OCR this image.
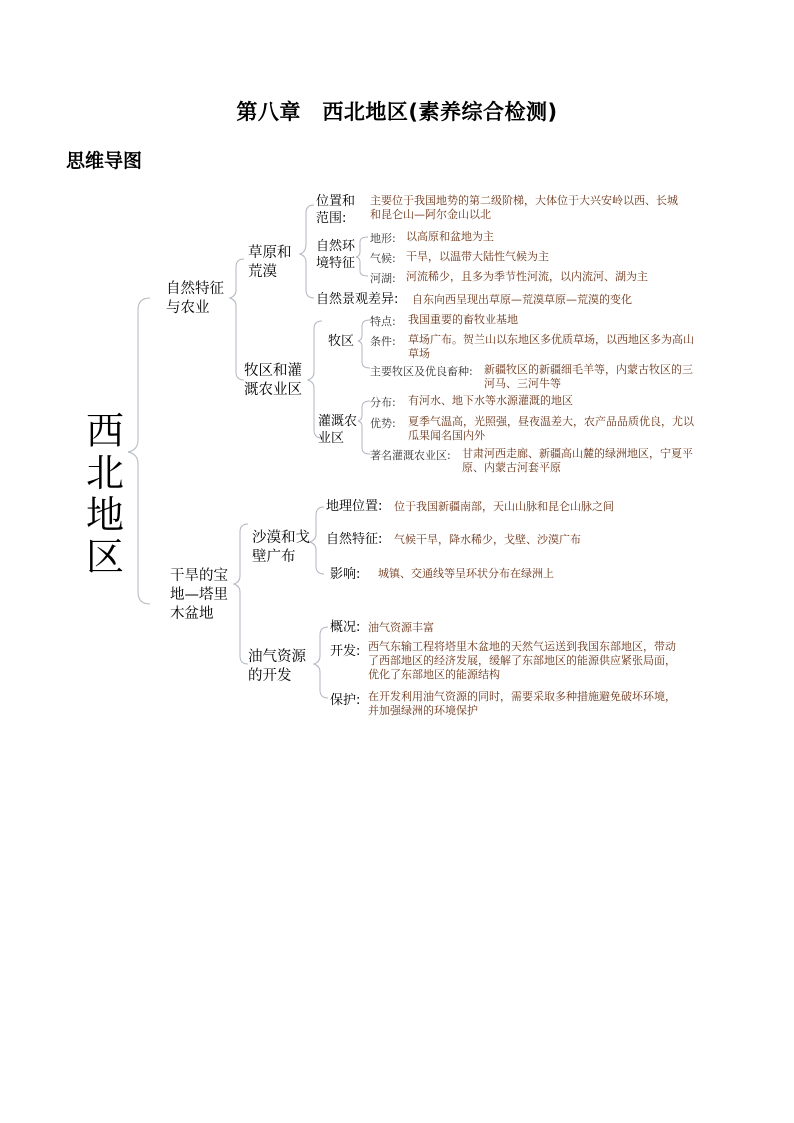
第八章　西北地区(素养综合检测)
思维导图
西北地区
自然特征与农业
干旱的宝地—塔里木盆地
草原和荒漠
牧区和灌溉农业区
位置和范围:
主要位于我国地势的第二级阶梯，大体位于大兴安岭以西、长城和昆仑山—阿尔金山以北
自然环境特征
地形: 以高原和盆地为主
气候: 干旱，以温带大陆性气候为主
河湖: 河流稀少，且多为季节性河流，以内流河、湖为主
自然景观差异: 自东向西呈现出草原—荒漠草原—荒漠的变化
牧区
特点: 我国重要的畜牧业基地
条件: 草场广布。贺兰山以东地区多优质草场，以西地区多为高山草场
主要牧区及优良畜种: 新疆牧区的新疆细毛羊等，内蒙古牧区的三河马、三河牛等
灌溉农业区
分布: 有河水、地下水等水源灌溉的地区
优势: 夏季气温高，光照强，昼夜温差大，农产品品质优良，尤以瓜果闻名国内外
著名灌溉农业区: 甘肃河西走廊、新疆高山麓的绿洲地区，宁夏平原、内蒙古河套平原
沙漠和戈壁广布
油气资源的开发
地理位置: 位于我国新疆南部，天山山脉和昆仑山脉之间
自然特征: 气候干旱，降水稀少，戈壁、沙漠广布
影响: 城镇、交通线等呈环状分布在绿洲上
概况: 油气资源丰富
开发: 西气东输工程将塔里木盆地的天然气运送到我国东部地区，带动了西部地区的经济发展，缓解了东部地区的能源供应紧张局面，优化了东部地区的能源结构
保护: 在开发利用油气资源的同时，需要采取多种措施避免破坏环境，并加强绿洲的环境保护
